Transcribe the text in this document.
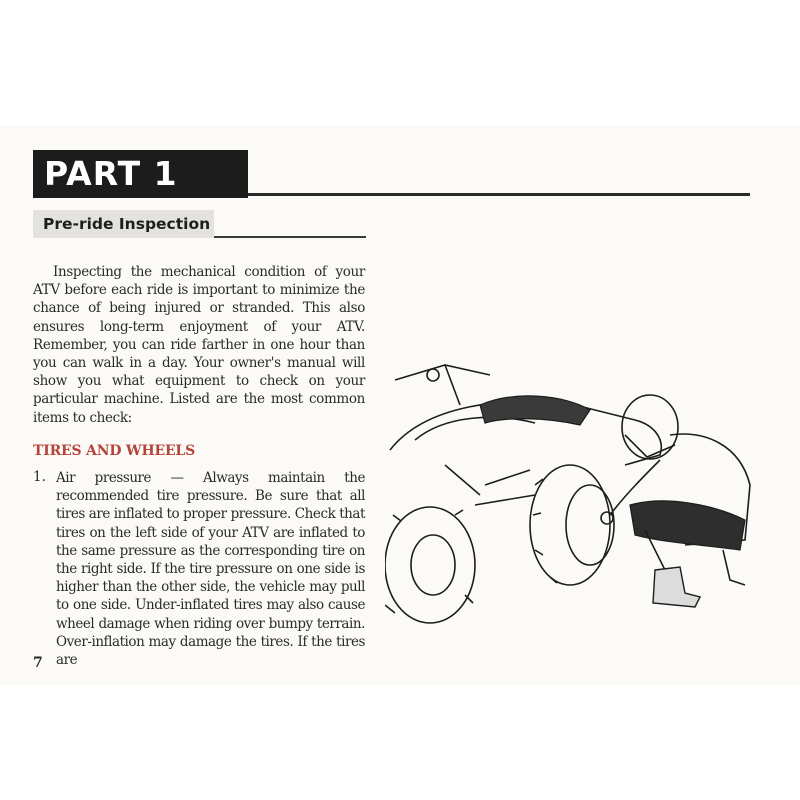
PART 1
Pre-ride Inspection

Inspecting the mechanical condition of your ATV before each ride is important to minimize the chance of being injured or stranded. This also ensures long-term enjoyment of your ATV. Remember, you can ride farther in one hour than you can walk in a day. Your owner's manual will show you what equipment to check on your particular machine. Listed are the most common items to check:

TIRES AND WHEELS
1. Air pressure — Always maintain the recommended tire pressure. Be sure that all tires are inflated to proper pressure. Check that tires on the left side of your ATV are inflated to the same pressure as the corresponding tire on the right side. If the tire pressure on one side is higher than the other side, the vehicle may pull to one side. Under-inflated tires may also cause wheel damage when riding over bumpy terrain. Over-inflation may damage the tires. If the tires are

7
